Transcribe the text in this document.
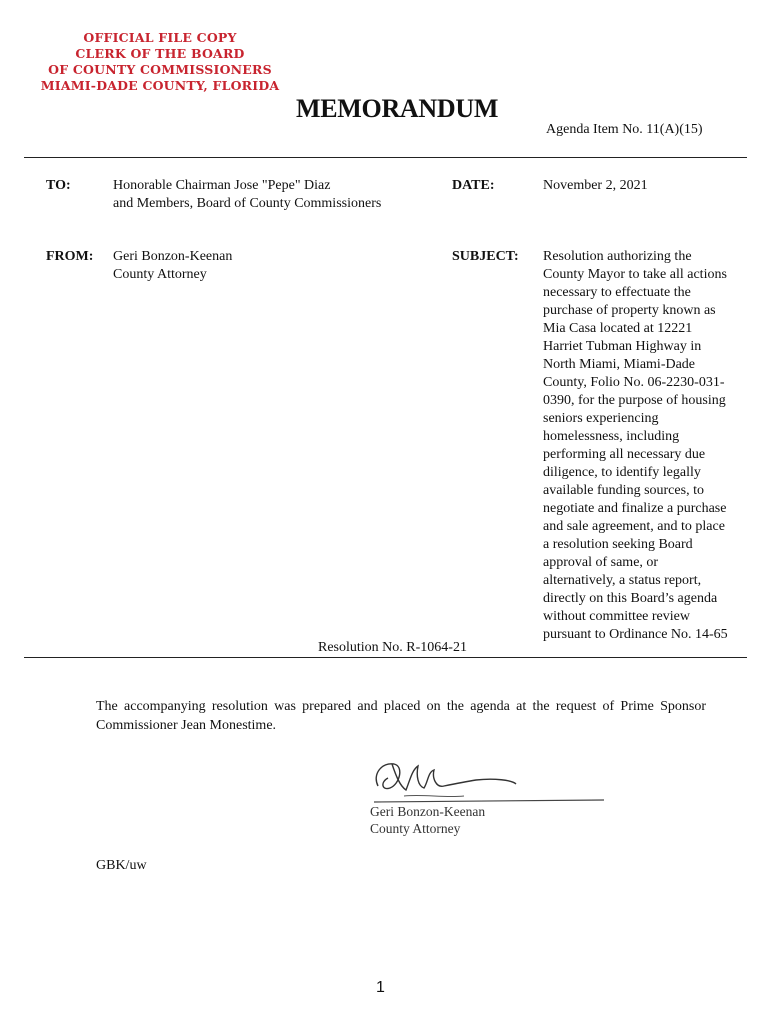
OFFICIAL FILE COPY
CLERK OF THE BOARD
OF COUNTY COMMISSIONERS
MIAMI-DADE COUNTY, FLORIDA
MEMORANDUM
Agenda Item No. 11(A)(15)
TO:	Honorable Chairman Jose "Pepe" Diaz
and Members, Board of County Commissioners
DATE:	November 2, 2021
FROM: Geri Bonzon-Keenan
County Attorney
SUBJECT: Resolution authorizing the
County Mayor to take all actions
necessary to effectuate the
purchase of property known as
Mia Casa located at 12221
Harriet Tubman Highway in
North Miami, Miami-Dade
County, Folio No. 06-2230-031-
0390, for the purpose of housing
seniors experiencing
homelessness, including
performing all necessary due
diligence, to identify legally
available funding sources, to
negotiate and finalize a purchase
and sale agreement, and to place
a resolution seeking Board
approval of same, or
alternatively, a status report,
directly on this Board’s agenda
without committee review
pursuant to Ordinance No. 14-65
Resolution No. R-1064-21
The accompanying resolution was prepared and placed on the agenda at the request of Prime Sponsor Commissioner Jean Monestime.
Geri Bonzon-Keenan
County Attorney
GBK/uw
1
